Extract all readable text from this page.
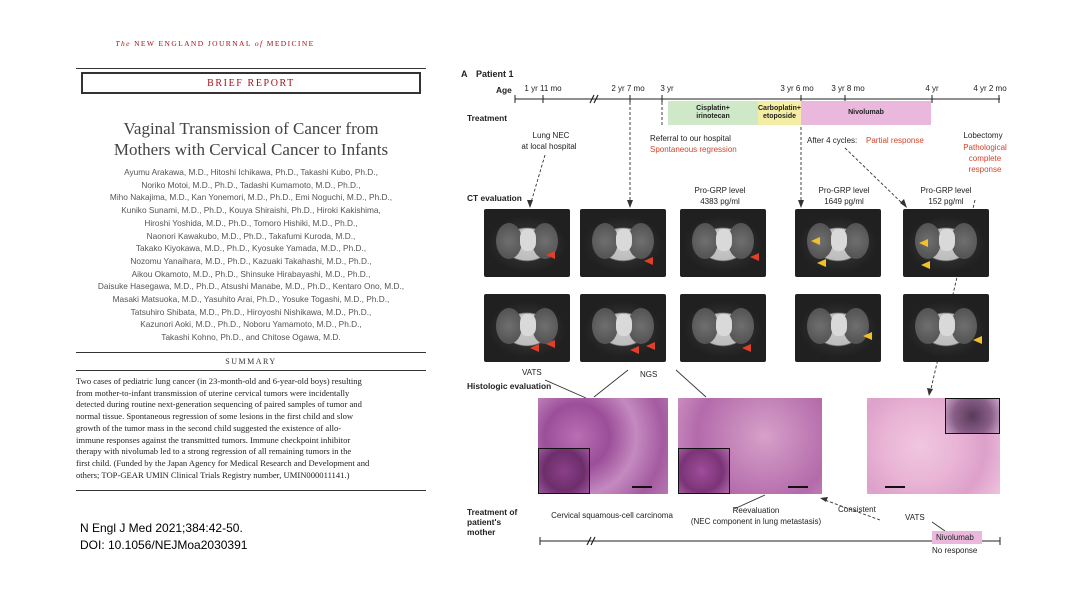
The NEW ENGLAND JOURNAL of MEDICINE
BRIEF REPORT
Vaginal Transmission of Cancer from
Mothers with Cervical Cancer to Infants
Ayumu Arakawa, M.D., Hitoshi Ichikawa, Ph.D., Takashi Kubo, Ph.D.,
Noriko Motoi, M.D., Ph.D., Tadashi Kumamoto, M.D., Ph.D.,
Miho Nakajima, M.D., Kan Yonemori, M.D., Ph.D., Emi Noguchi, M.D., Ph.D.,
Kuniko Sunami, M.D., Ph.D., Kouya Shiraishi, Ph.D., Hiroki Kakishima,
Hiroshi Yoshida, M.D., Ph.D., Tomoro Hishiki, M.D., Ph.D.,
Naonori Kawakubo, M.D., Ph.D., Takafumi Kuroda, M.D.,
Takako Kiyokawa, M.D., Ph.D., Kyosuke Yamada, M.D., Ph.D.,
Nozomu Yanaihara, M.D., Ph.D., Kazuaki Takahashi, M.D., Ph.D.,
Aikou Okamoto, M.D., Ph.D., Shinsuke Hirabayashi, M.D., Ph.D.,
Daisuke Hasegawa, M.D., Ph.D., Atsushi Manabe, M.D., Ph.D., Kentaro Ono, M.D.,
Masaki Matsuoka, M.D., Yasuhito Arai, Ph.D., Yosuke Togashi, M.D., Ph.D.,
Tatsuhiro Shibata, M.D., Ph.D., Hiroyoshi Nishikawa, M.D., Ph.D.,
Kazunori Aoki, M.D., Ph.D., Noboru Yamamoto, M.D., Ph.D.,
Takashi Kohno, Ph.D., and Chitose Ogawa, M.D.
SUMMARY
Two cases of pediatric lung cancer (in 23-month-old and 6-year-old boys) resulting
from mother-to-infant transmission of uterine cervical tumors were incidentally
detected during routine next-generation sequencing of paired samples of tumor and
normal tissue. Spontaneous regression of some lesions in the first child and slow
growth of the tumor mass in the second child suggested the existence of allo-
immune responses against the transmitted tumors. Immune checkpoint inhibitor
therapy with nivolumab led to a strong regression of all remaining tumors in the
first child. (Funded by the Japan Agency for Medical Research and Development and
others; TOP-GEAR UMIN Clinical Trials Registry number, UMIN000011141.)
N Engl J Med 2021;384:42-50.
DOI: 10.1056/NEJMoa2030391
A Patient 1
Age 1 yr 11 mo	2 yr 7 mo 3 yr	3 yr 6 mo 3 yr 8 mo	4 yr	4 yr 2 mo
Treatment
Cisplatin+
irinotecan
Carboplatin+
etoposide
Nivolumab
Lung NEC
at local hospital
Referral to our hospital
Spontaneous regression
After 4 cycles: Partial response
Lobectomy
Pathological
complete
response
CT evaluation
Pro-GRP level
4383 pg/ml
Pro-GRP level
1649 pg/ml
Pro-GRP level
152 pg/ml
VATS	NGS
Histologic evaluation
Treatment of
patient's
mother
Cervical squamous-cell carcinoma
Reevaluation
(NEC component in lung metastasis)
Consistent
VATS
Nivolumab
No response
